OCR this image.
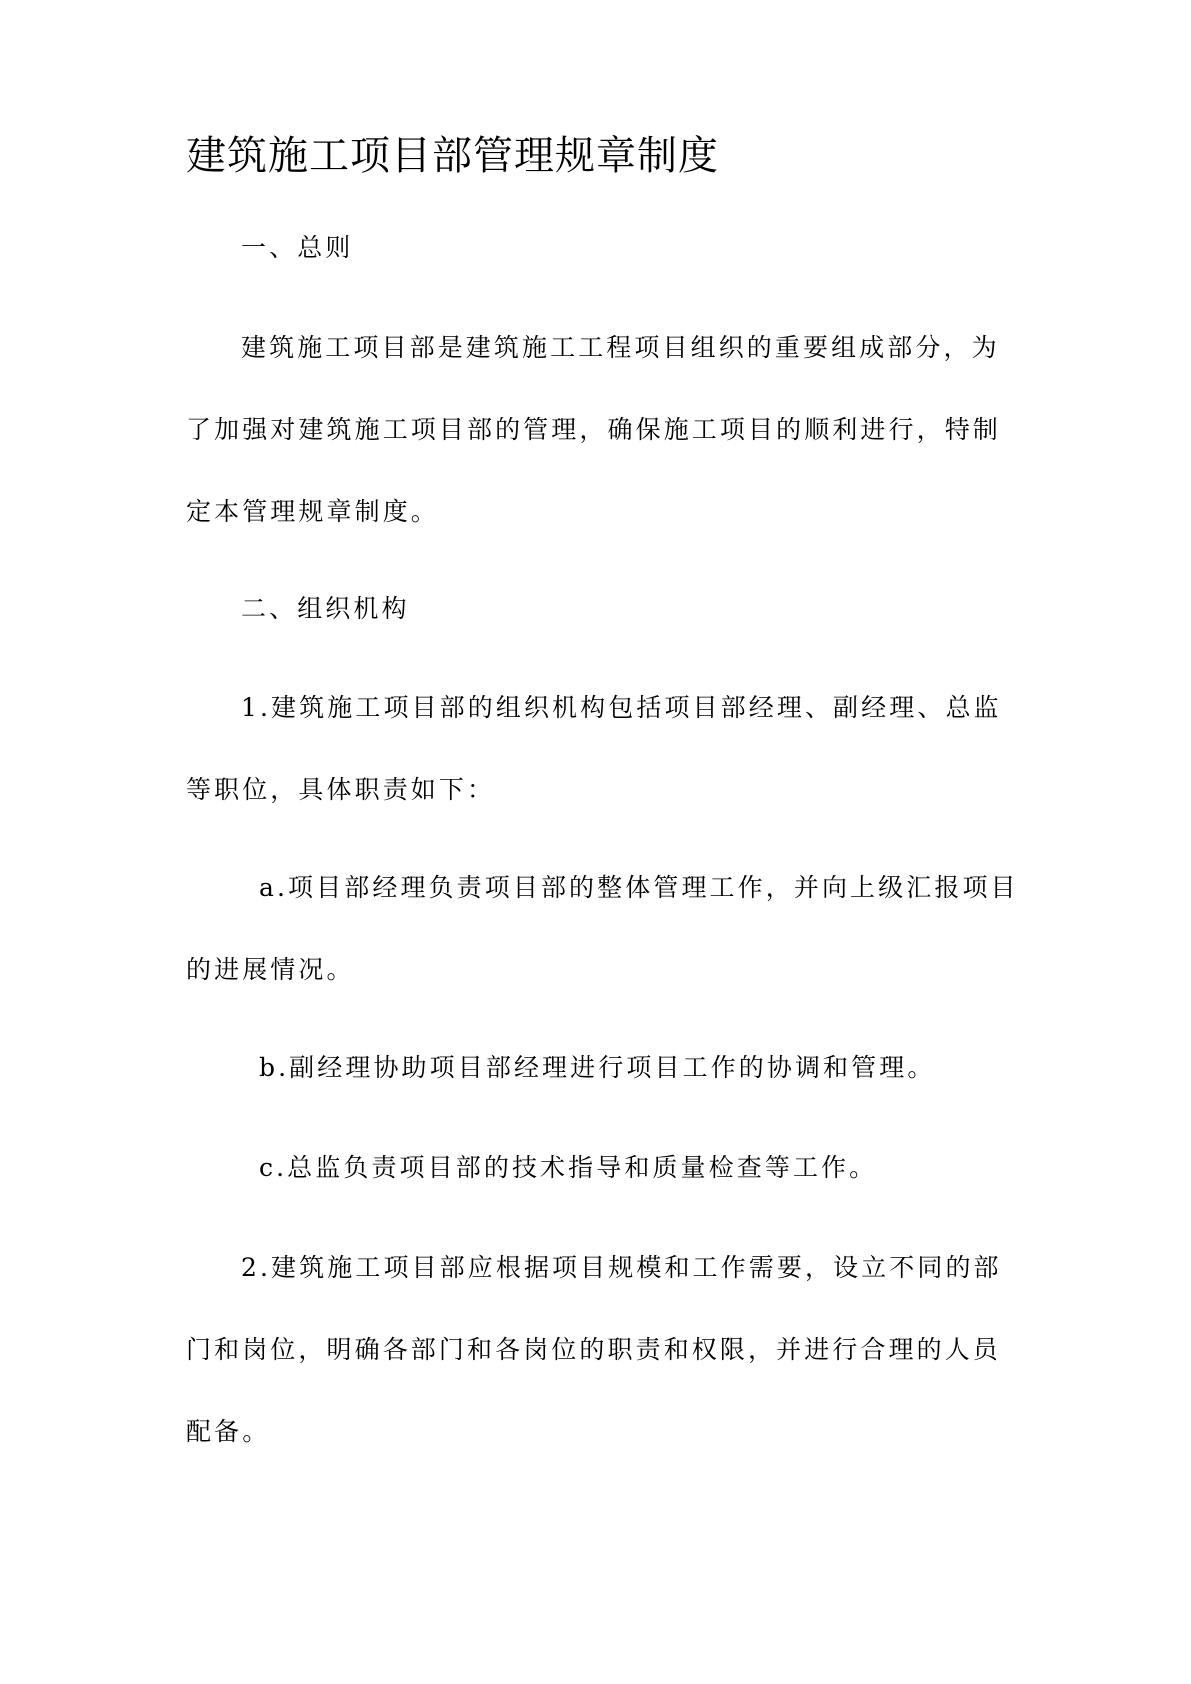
建筑施工项目部管理规章制度
一、总则
建筑施工项目部是建筑施工工程项目组织的重要组成部分，为
了加强对建筑施工项目部的管理，确保施工项目的顺利进行，特制
定本管理规章制度。
二、组织机构
1.建筑施工项目部的组织机构包括项目部经理、副经理、总监
等职位，具体职责如下：
a.项目部经理负责项目部的整体管理工作，并向上级汇报项目
的进展情况。
b.副经理协助项目部经理进行项目工作的协调和管理。
c.总监负责项目部的技术指导和质量检查等工作。
2.建筑施工项目部应根据项目规模和工作需要，设立不同的部
门和岗位，明确各部门和各岗位的职责和权限，并进行合理的人员
配备。
